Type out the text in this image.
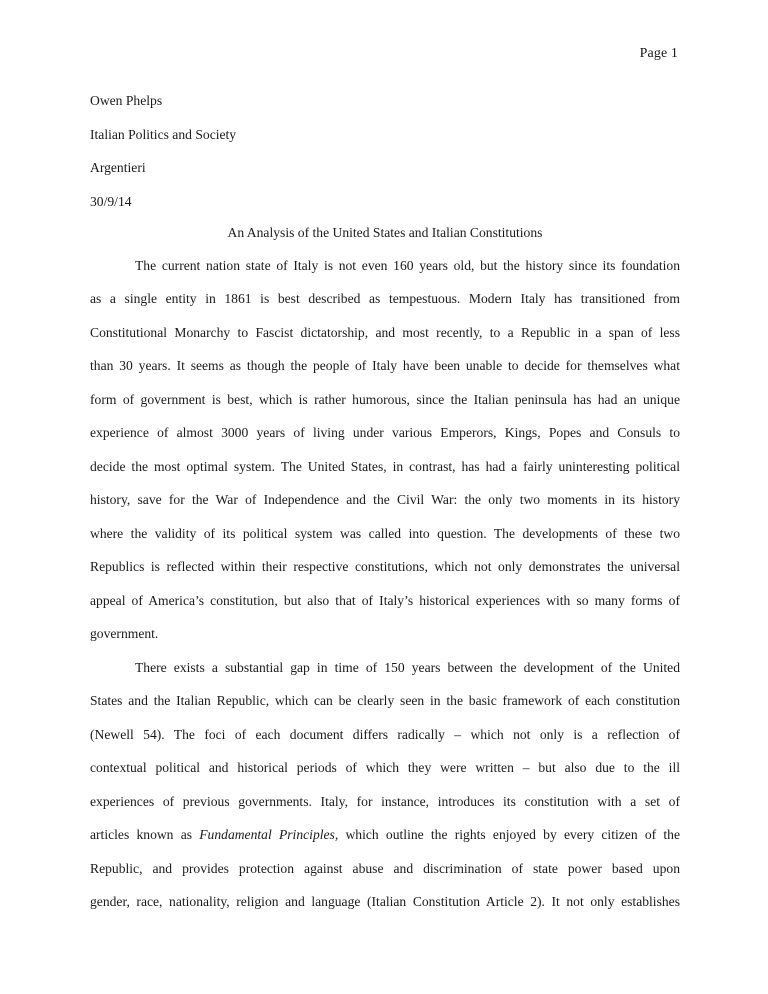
Page 1
Owen Phelps
Italian Politics and Society
Argentieri
30/9/14
An Analysis of the United States and Italian Constitutions
The current nation state of Italy is not even 160 years old, but the history since its foundation
as a single entity in 1861 is best described as tempestuous. Modern Italy has transitioned from
Constitutional Monarchy to Fascist dictatorship, and most recently, to a Republic in a span of less
than 30 years. It seems as though the people of Italy have been unable to decide for themselves what
form of government is best, which is rather humorous, since the Italian peninsula has had an unique
experience of almost 3000 years of living under various Emperors, Kings, Popes and Consuls to
decide the most optimal system. The United States, in contrast, has had a fairly uninteresting political
history, save for the War of Independence and the Civil War: the only two moments in its history
where the validity of its political system was called into question. The developments of these two
Republics is reflected within their respective constitutions, which not only demonstrates the universal
appeal of America’s constitution, but also that of Italy’s historical experiences with so many forms of
government.
There exists a substantial gap in time of 150 years between the development of the United
States and the Italian Republic, which can be clearly seen in the basic framework of each constitution
(Newell 54). The foci of each document differs radically – which not only is a reflection of
contextual political and historical periods of which they were written – but also due to the ill
experiences of previous governments. Italy, for instance, introduces its constitution with a set of
articles known as Fundamental Principles, which outline the rights enjoyed by every citizen of the
Republic, and provides protection against abuse and discrimination of state power based upon
gender, race, nationality, religion and language (Italian Constitution Article 2). It not only establishes
